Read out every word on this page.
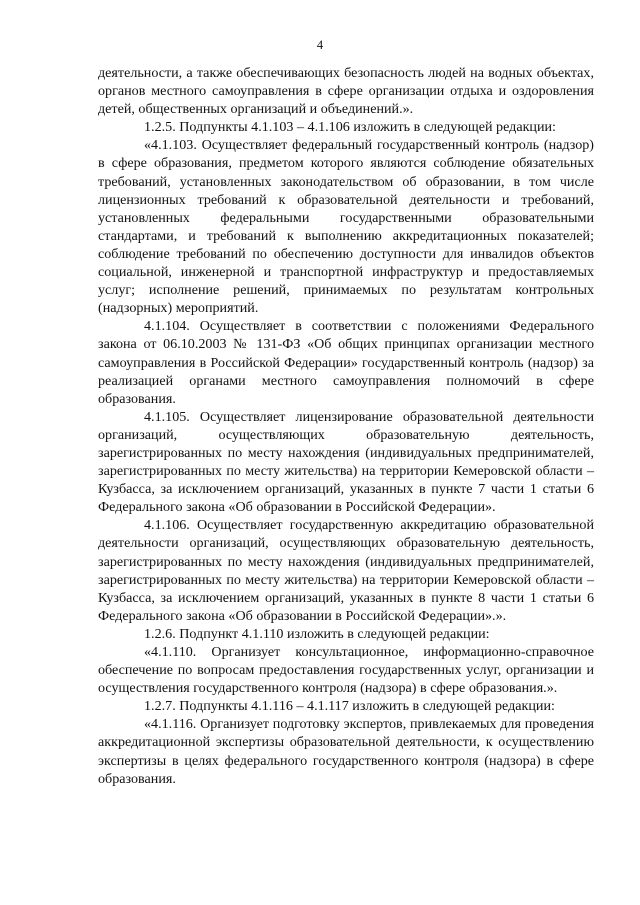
4

деятельности, а также обеспечивающих безопасность людей на водных объектах, органов местного самоуправления в сфере организации отдыха и оздоровления детей, общественных организаций и объединений.».

1.2.5. Подпункты 4.1.103 – 4.1.106 изложить в следующей редакции:

«4.1.103. Осуществляет федеральный государственный контроль (надзор) в сфере образования, предметом которого являются соблюдение обязательных требований, установленных законодательством об образовании, в том числе лицензионных требований к образовательной деятельности и требований, установленных федеральными государственными образовательными стандартами, и требований к выполнению аккредитационных показателей; соблюдение требований по обеспечению доступности для инвалидов объектов социальной, инженерной и транспортной инфраструктур и предоставляемых услуг; исполнение решений, принимаемых по результатам контрольных (надзорных) мероприятий.

4.1.104. Осуществляет в соответствии с положениями Федерального закона от 06.10.2003 № 131-ФЗ «Об общих принципах организации местного самоуправления в Российской Федерации» государственный контроль (надзор) за реализацией органами местного самоуправления полномочий в сфере образования.

4.1.105. Осуществляет лицензирование образовательной деятельности организаций, осуществляющих образовательную деятельность, зарегистрированных по месту нахождения (индивидуальных предпринимателей, зарегистрированных по месту жительства) на территории Кемеровской области – Кузбасса, за исключением организаций, указанных в пункте 7 части 1 статьи 6 Федерального закона «Об образовании в Российской Федерации».

4.1.106. Осуществляет государственную аккредитацию образовательной деятельности организаций, осуществляющих образовательную деятельность, зарегистрированных по месту нахождения (индивидуальных предпринимателей, зарегистрированных по месту жительства) на территории Кемеровской области – Кузбасса, за исключением организаций, указанных в пункте 8 части 1 статьи 6 Федерального закона «Об образовании в Российской Федерации».».

1.2.6. Подпункт 4.1.110 изложить в следующей редакции:

«4.1.110. Организует консультационное, информационно-справочное обеспечение по вопросам предоставления государственных услуг, организации и осуществления государственного контроля (надзора) в сфере образования.».

1.2.7. Подпункты 4.1.116 – 4.1.117 изложить в следующей редакции:

«4.1.116. Организует подготовку экспертов, привлекаемых для проведения аккредитационной экспертизы образовательной деятельности, к осуществлению экспертизы в целях федерального государственного контроля (надзора) в сфере образования.
